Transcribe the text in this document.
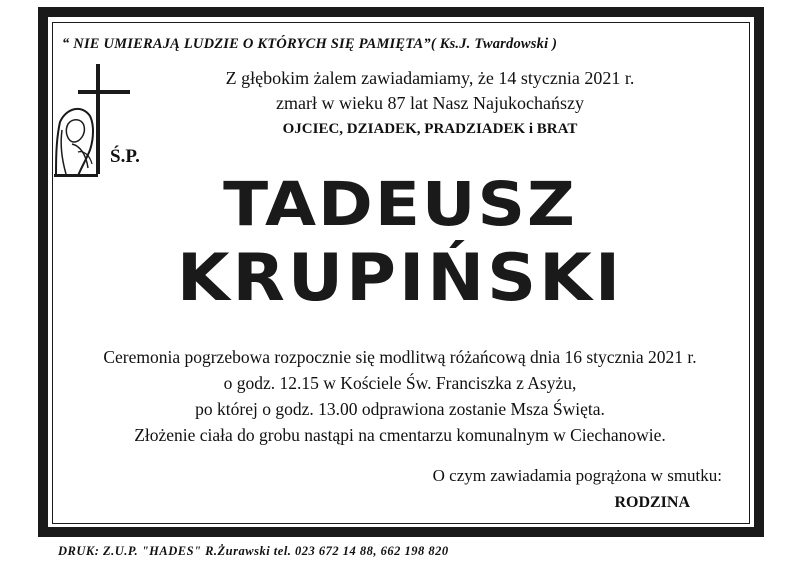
“ NIE UMIERAJĄ LUDZIE O KTÓRYCH SIĘ PAMIĘTA”( Ks.J. Twardowski )
Ś.P.
Z głębokim żalem zawiadamiamy, że 14 stycznia 2021 r.
zmarł w wieku 87 lat Nasz Najukochańszy
OJCIEC, DZIADEK, PRADZIADEK i BRAT
TADEUSZ
KRUPIŃSKI
Ceremonia pogrzebowa rozpocznie się modlitwą różańcową dnia 16 stycznia 2021 r.
o godz. 12.15 w Kościele Św. Franciszka z Asyżu,
po której o godz. 13.00 odprawiona zostanie Msza Święta.
Złożenie ciała do grobu nastąpi na cmentarzu komunalnym w Ciechanowie.
O czym zawiadamia pogrążona w smutku:
RODZINA
DRUK: Z.U.P. "HADES" R.Żurawski tel. 023 672 14 88, 662 198 820
